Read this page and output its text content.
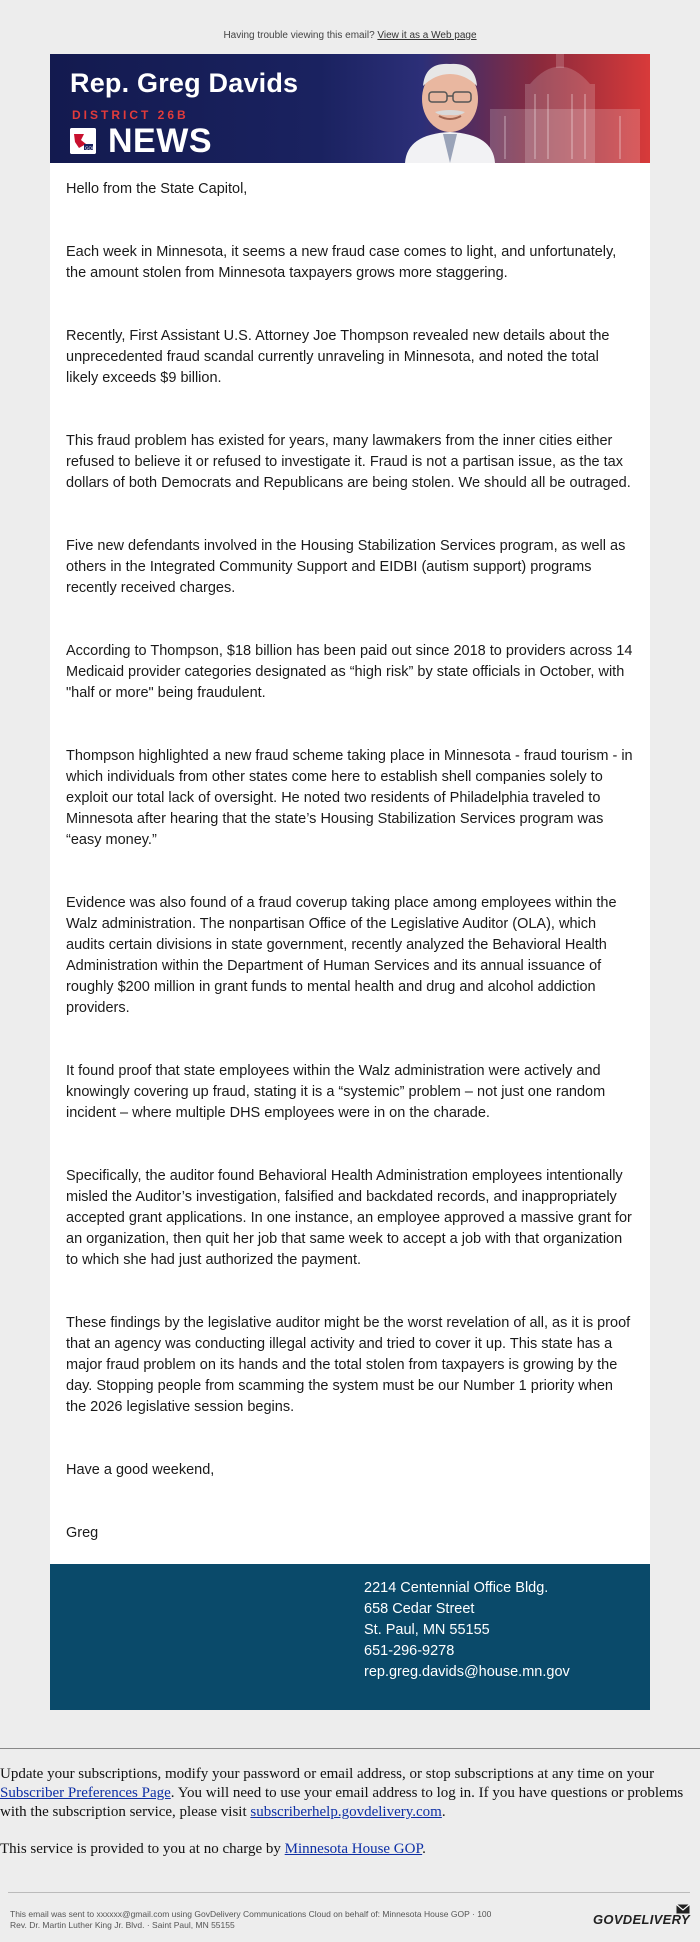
Having trouble viewing this email? View it as a Web page
Rep. Greg Davids
DISTRICT 26B
GOP NEWS

Hello from the State Capitol,

Each week in Minnesota, it seems a new fraud case comes to light, and unfortunately, the amount stolen from Minnesota taxpayers grows more staggering.

Recently, First Assistant U.S. Attorney Joe Thompson revealed new details about the unprecedented fraud scandal currently unraveling in Minnesota, and noted the total likely exceeds $9 billion.

This fraud problem has existed for years, many lawmakers from the inner cities either refused to believe it or refused to investigate it. Fraud is not a partisan issue, as the tax dollars of both Democrats and Republicans are being stolen. We should all be outraged.

Five new defendants involved in the Housing Stabilization Services program, as well as others in the Integrated Community Support and EIDBI (autism support) programs recently received charges.

According to Thompson, $18 billion has been paid out since 2018 to providers across 14 Medicaid provider categories designated as “high risk” by state officials in October, with "half or more" being fraudulent.

Thompson highlighted a new fraud scheme taking place in Minnesota - fraud tourism - in which individuals from other states come here to establish shell companies solely to exploit our total lack of oversight. He noted two residents of Philadelphia traveled to Minnesota after hearing that the state’s Housing Stabilization Services program was “easy money.”

Evidence was also found of a fraud coverup taking place among employees within the Walz administration. The nonpartisan Office of the Legislative Auditor (OLA), which audits certain divisions in state government, recently analyzed the Behavioral Health Administration within the Department of Human Services and its annual issuance of roughly $200 million in grant funds to mental health and drug and alcohol addiction providers.

It found proof that state employees within the Walz administration were actively and knowingly covering up fraud, stating it is a “systemic” problem – not just one random incident – where multiple DHS employees were in on the charade.

Specifically, the auditor found Behavioral Health Administration employees intentionally misled the Auditor’s investigation, falsified and backdated records, and inappropriately accepted grant applications. In one instance, an employee approved a massive grant for an organization, then quit her job that same week to accept a job with that organization to which she had just authorized the payment.

These findings by the legislative auditor might be the worst revelation of all, as it is proof that an agency was conducting illegal activity and tried to cover it up. This state has a major fraud problem on its hands and the total stolen from taxpayers is growing by the day. Stopping people from scamming the system must be our Number 1 priority when the 2026 legislative session begins.

Have a good weekend,

Greg

2214 Centennial Office Bldg.
658 Cedar Street
St. Paul, MN 55155
651-296-9278
rep.greg.davids@house.mn.gov

Update your subscriptions, modify your password or email address, or stop subscriptions at any time on your Subscriber Preferences Page. You will need to use your email address to log in. If you have questions or problems with the subscription service, please visit subscriberhelp.govdelivery.com.

This service is provided to you at no charge by Minnesota House GOP.

This email was sent to xxxxxx@gmail.com using GovDelivery Communications Cloud on behalf of: Minnesota House GOP · 100
Rev. Dr. Martin Luther King Jr. Blvd. · Saint Paul, MN 55155	GOVDELIVERY
